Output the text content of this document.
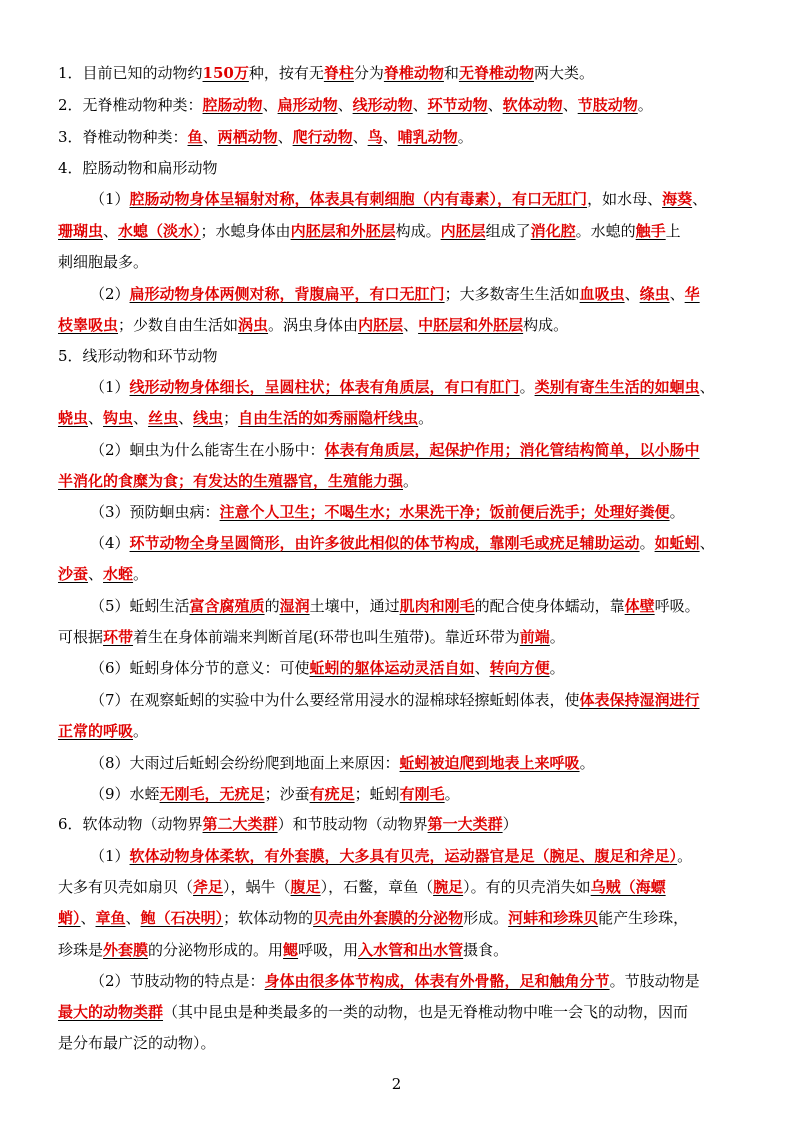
1．目前已知的动物约150万种，按有无脊柱分为脊椎动物和无脊椎动物两大类。
2．无脊椎动物种类：腔肠动物、扁形动物、线形动物、环节动物、软体动物、节肢动物。
3．脊椎动物种类：鱼、两栖动物、爬行动物、鸟、哺乳动物。
4．腔肠动物和扁形动物
（1）腔肠动物身体呈辐射对称，体表具有刺细胞（内有毒素），有口无肛门，如水母、海葵、
珊瑚虫、水螅（淡水）；水螅身体由内胚层和外胚层构成。内胚层组成了消化腔。水螅的触手上
刺细胞最多。
（2）扁形动物身体两侧对称，背腹扁平，有口无肛门；大多数寄生生活如血吸虫、绦虫、华
枝睾吸虫；少数自由生活如涡虫。涡虫身体由内胚层、中胚层和外胚层构成。
5．线形动物和环节动物
（1）线形动物身体细长，呈圆柱状；体表有角质层，有口有肛门。类别有寄生生活的如蛔虫、
蛲虫、钩虫、丝虫、线虫；自由生活的如秀丽隐杆线虫。
（2）蛔虫为什么能寄生在小肠中：体表有角质层，起保护作用；消化管结构简单，以小肠中
半消化的食糜为食；有发达的生殖器官，生殖能力强。
（3）预防蛔虫病：注意个人卫生；不喝生水；水果洗干净；饭前便后洗手；处理好粪便。
（4）环节动物全身呈圆筒形，由许多彼此相似的体节构成，靠刚毛或疣足辅助运动。如蚯蚓、
沙蚕、水蛭。
（5）蚯蚓生活富含腐殖质的湿润土壤中，通过肌肉和刚毛的配合使身体蠕动，靠体壁呼吸。
可根据环带着生在身体前端来判断首尾(环带也叫生殖带)。靠近环带为前端。
（6）蚯蚓身体分节的意义：可使蚯蚓的躯体运动灵活自如、转向方便。
（7）在观察蚯蚓的实验中为什么要经常用浸水的湿棉球轻擦蚯蚓体表，使体表保持湿润进行
正常的呼吸。
（8）大雨过后蚯蚓会纷纷爬到地面上来原因：蚯蚓被迫爬到地表上来呼吸。
（9）水蛭无刚毛，无疣足；沙蚕有疣足；蚯蚓有刚毛。
6．软体动物（动物界第二大类群）和节肢动物（动物界第一大类群）
（1）软体动物身体柔软，有外套膜，大多具有贝壳，运动器官是足（腕足、腹足和斧足）。
大多有贝壳如扇贝（斧足），蜗牛（腹足），石鳖，章鱼（腕足）。有的贝壳消失如乌贼（海螵
蛸）、章鱼、鲍（石决明）；软体动物的贝壳由外套膜的分泌物形成。河蚌和珍珠贝能产生珍珠，
珍珠是外套膜的分泌物形成的。用鳃呼吸，用入水管和出水管摄食。
（2）节肢动物的特点是：身体由很多体节构成，体表有外骨骼，足和触角分节。节肢动物是
最大的动物类群（其中昆虫是种类最多的一类的动物，也是无脊椎动物中唯一会飞的动物，因而
是分布最广泛的动物）。
2
